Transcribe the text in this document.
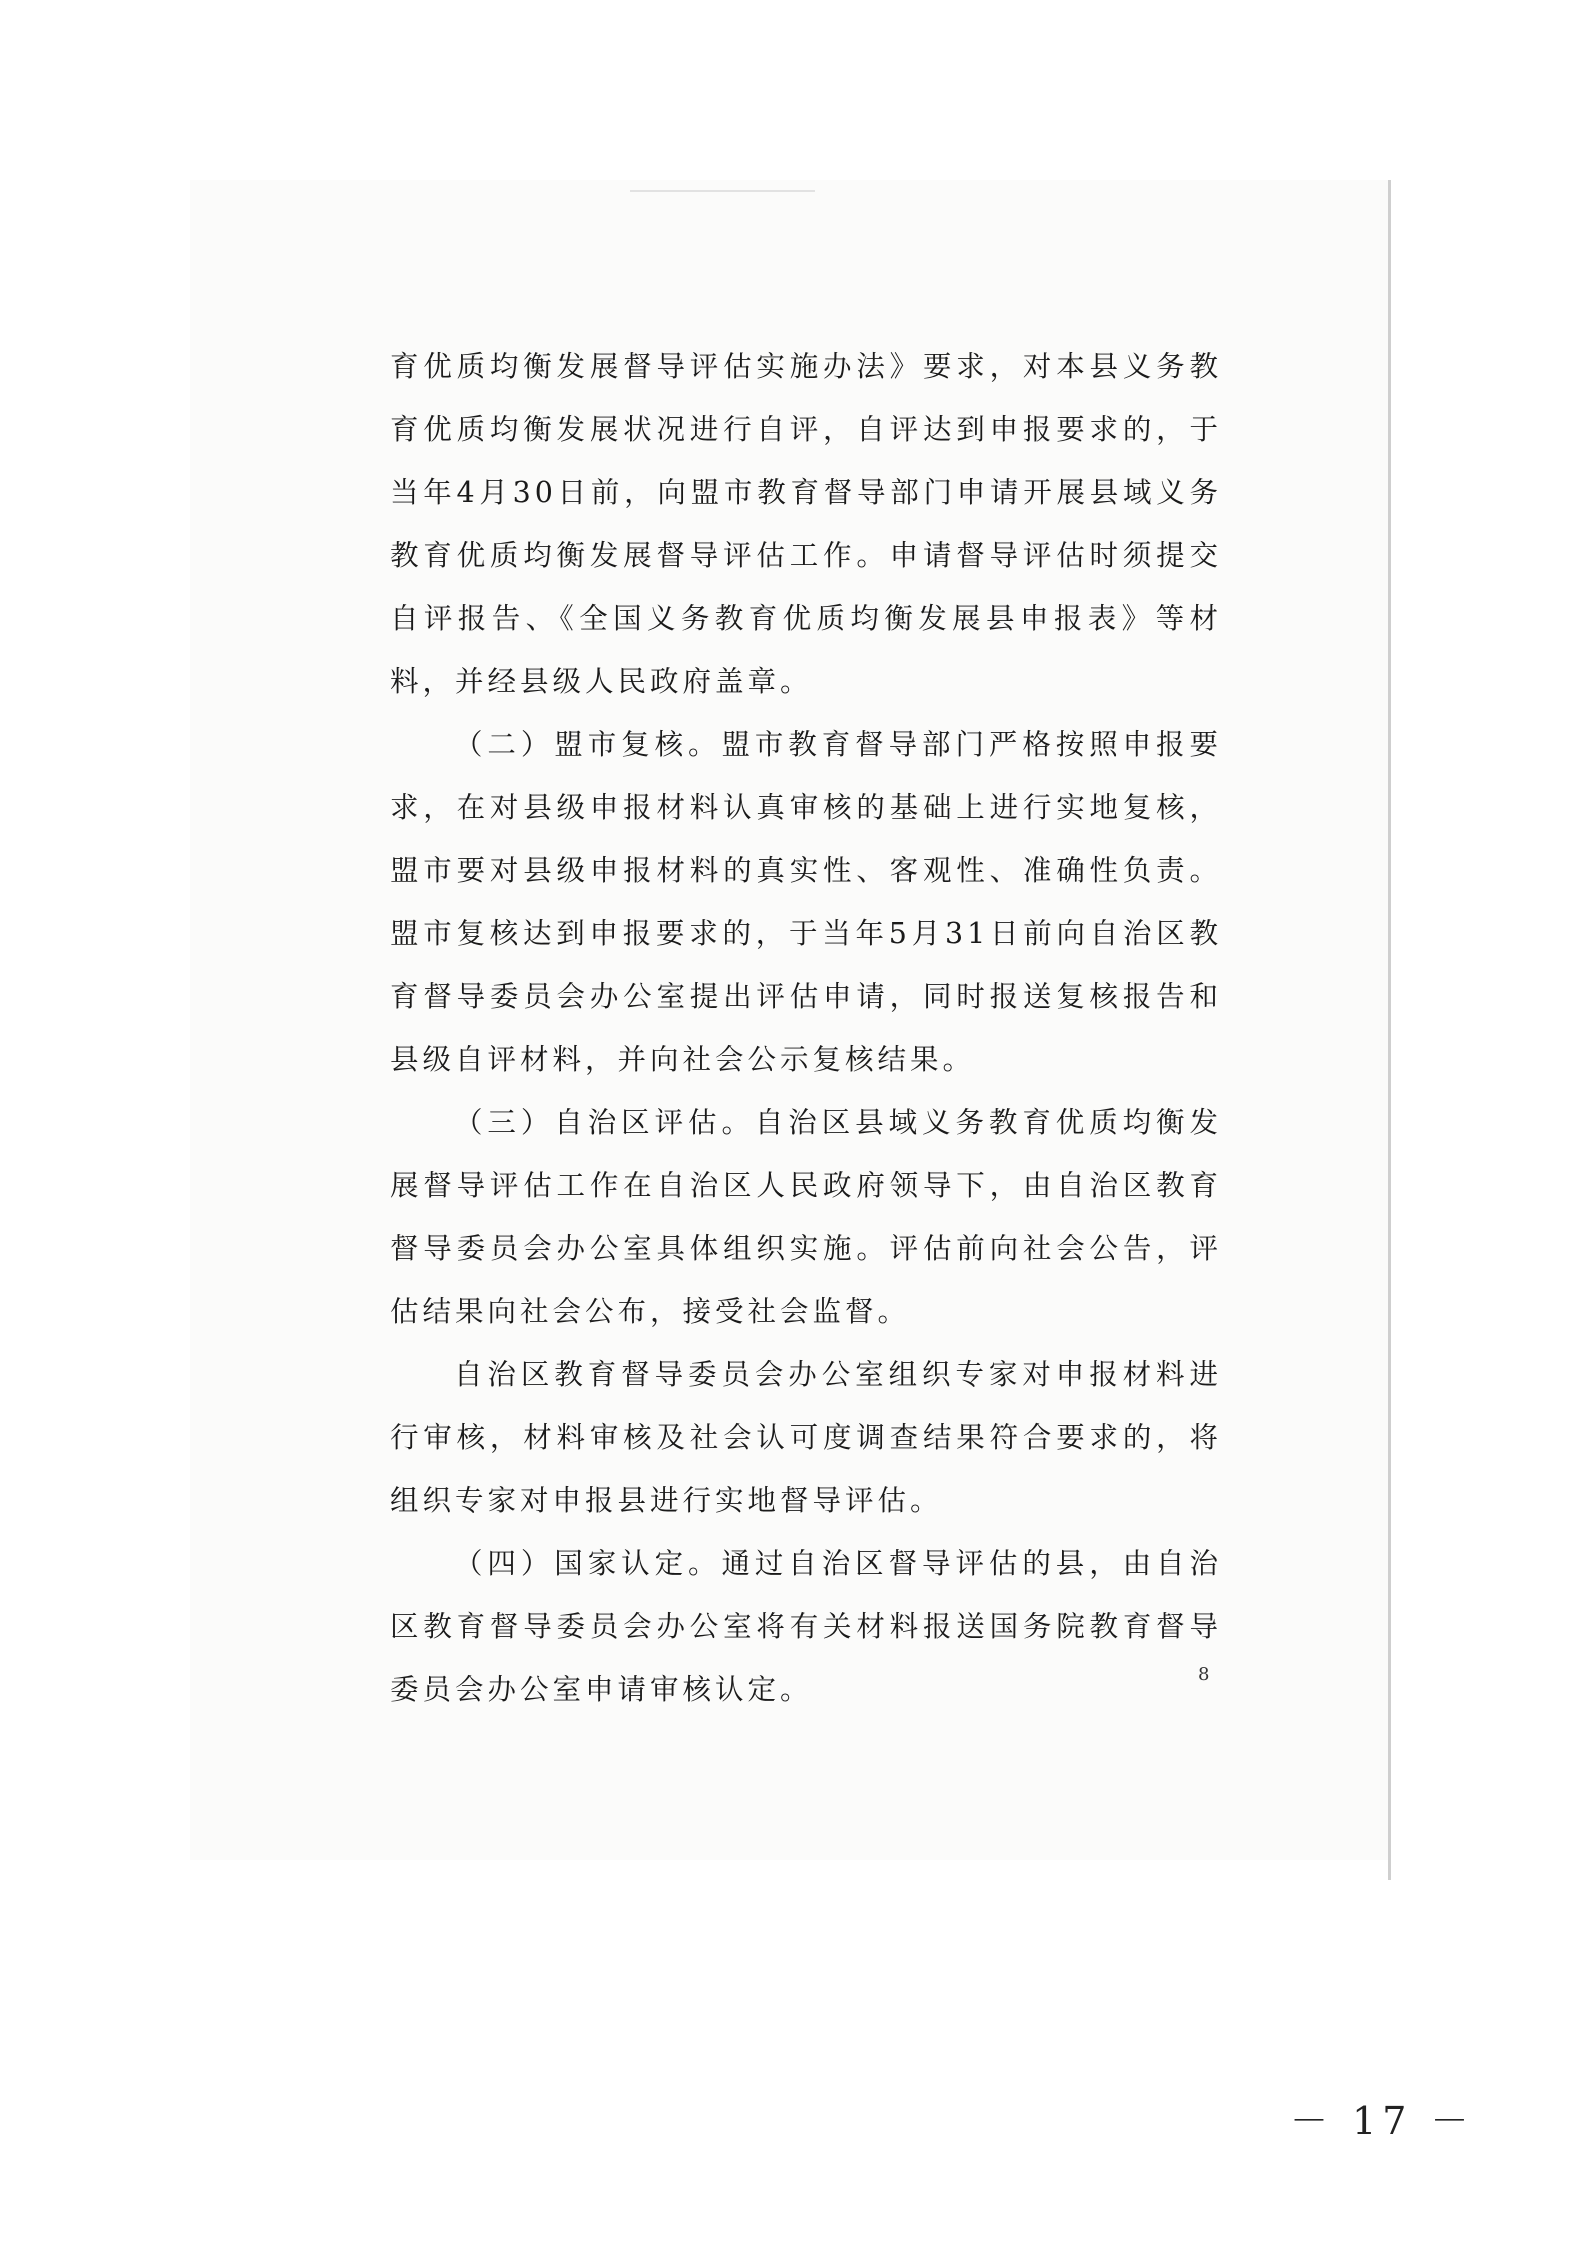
育优质均衡发展督导评估实施办法》要求，对本县义务教育优质均衡发展状况进行自评，自评达到申报要求的，于当年4月30日前，向盟市教育督导部门申请开展县域义务教育优质均衡发展督导评估工作。申请督导评估时须提交自评报告、《全国义务教育优质均衡发展县申报表》等材料，并经县级人民政府盖章。

（二）盟市复核。盟市教育督导部门严格按照申报要求，在对县级申报材料认真审核的基础上进行实地复核，盟市要对县级申报材料的真实性、客观性、准确性负责。盟市复核达到申报要求的，于当年5月31日前向自治区教育督导委员会办公室提出评估申请，同时报送复核报告和县级自评材料，并向社会公示复核结果。

（三）自治区评估。自治区县域义务教育优质均衡发展督导评估工作在自治区人民政府领导下，由自治区教育督导委员会办公室具体组织实施。评估前向社会公告，评估结果向社会公布，接受社会监督。

自治区教育督导委员会办公室组织专家对申报材料进行审核，材料审核及社会认可度调查结果符合要求的，将组织专家对申报县进行实地督导评估。

（四）国家认定。通过自治区督导评估的县，由自治区教育督导委员会办公室将有关材料报送国务院教育督导委员会办公室申请审核认定。	8
－ 17 －
